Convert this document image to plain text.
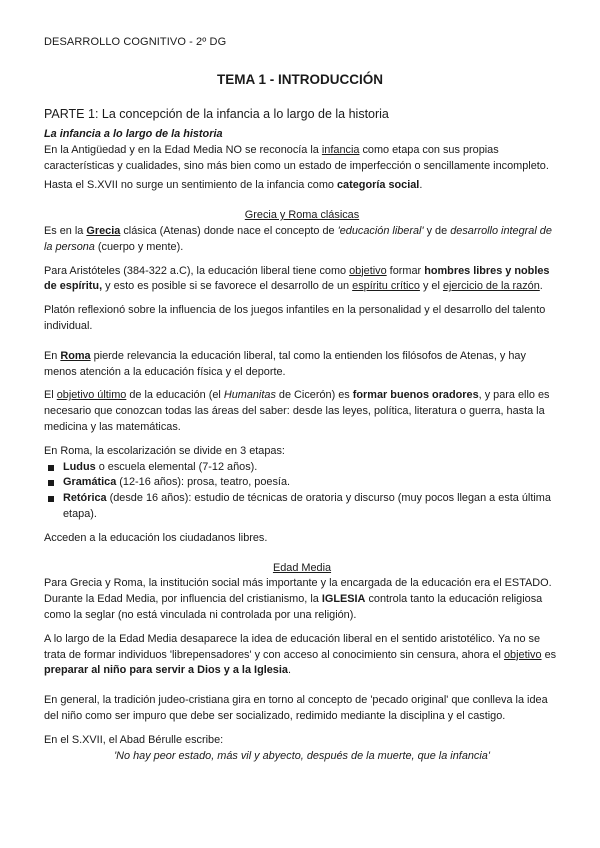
DESARROLLO COGNITIVO - 2º DG
TEMA 1 - INTRODUCCIÓN
PARTE 1: La concepción de la infancia a lo largo de la historia

La infancia a lo largo de la historia

En la Antigüedad y en la Edad Media NO se reconocía la infancia como etapa con sus propias características y cualidades, sino más bien como un estado de imperfección o sencillamente incompleto.

Hasta el S.XVII no surge un sentimiento de la infancia como categoría social.

Grecia y Roma clásicas

Es en la Grecia clásica (Atenas) donde nace el concepto de 'educación liberal' y de desarrollo integral de la persona (cuerpo y mente).

Para Aristóteles (384-322 a.C), la educación liberal tiene como objetivo formar hombres libres y nobles de espíritu, y esto es posible si se favorece el desarrollo de un espíritu crítico y el ejercicio de la razón.

Platón reflexionó sobre la influencia de los juegos infantiles en la personalidad y el desarrollo del talento individual.

En Roma pierde relevancia la educación liberal, tal como la entienden los filósofos de Atenas, y hay menos atención a la educación física y el deporte.

El objetivo último de la educación (el Humanitas de Cicerón) es formar buenos oradores, y para ello es necesario que conozcan todas las áreas del saber: desde las leyes, política, literatura o guerra, hasta la medicina y las matemáticas.

En Roma, la escolarización se divide en 3 etapas:

Ludus o escuela elemental (7-12 años).
Gramática (12-16 años): prosa, teatro, poesía.
Retórica (desde 16 años): estudio de técnicas de oratoria y discurso (muy pocos llegan a esta última etapa).

Acceden a la educación los ciudadanos libres.

Edad Media

Para Grecia y Roma, la institución social más importante y la encargada de la educación era el ESTADO.

Durante la Edad Media, por influencia del cristianismo, la IGLESIA controla tanto la educación religiosa como la seglar (no está vinculada ni controlada por una religión).

A lo largo de la Edad Media desaparece la idea de educación liberal en el sentido aristotélico. Ya no se trata de formar individuos 'librepensadores' y con acceso al conocimiento sin censura, ahora el objetivo es preparar al niño para servir a Dios y a la Iglesia.

En general, la tradición judeo-cristiana gira en torno al concepto de 'pecado original' que conlleva la idea del niño como ser impuro que debe ser socializado, redimido mediante la disciplina y el castigo.

En el S.XVII, el Abad Bérulle escribe:

'No hay peor estado, más vil y abyecto, después de la muerte, que la infancia'
